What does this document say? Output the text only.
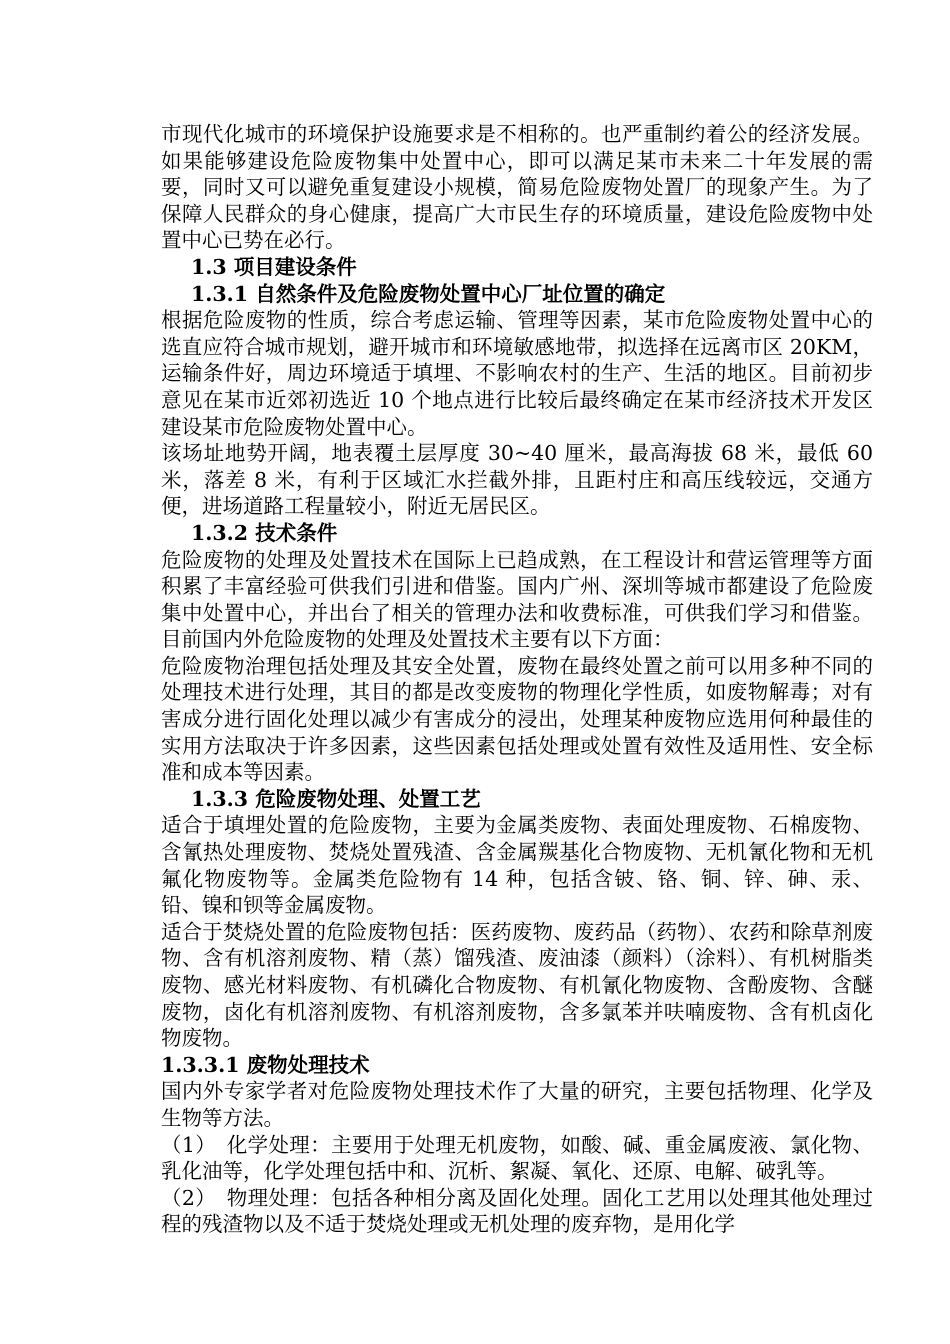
市现代化城市的环境保护设施要求是不相称的。也严重制约着公的经济发展。如果能够建设危险废物集中处置中心，即可以满足某市未来二十年发展的需要，同时又可以避免重复建设小规模，简易危险废物处置厂的现象产生。为了保障人民群众的身心健康，提高广大市民生存的环境质量，建设危险废物中处置中心已势在必行。

1.3 项目建设条件

1.3.1 自然条件及危险废物处置中心厂址位置的确定

根据危险废物的性质，综合考虑运输、管理等因素，某市危险废物处置中心的选直应符合城市规划，避开城市和环境敏感地带，拟选择在远离市区 20KM，运输条件好，周边环境适于填埋、不影响农村的生产、生活的地区。目前初步意见在某市近郊初选近 10 个地点进行比较后最终确定在某市经济技术开发区建设某市危险废物处置中心。

该场址地势开阔，地表覆土层厚度 30~40 厘米，最高海拔 68 米，最低 60 米，落差 8 米，有利于区域汇水拦截外排，且距村庄和高压线较远，交通方便，进场道路工程量较小，附近无居民区。

1.3.2 技术条件

危险废物的处理及处置技术在国际上已趋成熟，在工程设计和营运管理等方面积累了丰富经验可供我们引进和借鉴。国内广州、深圳等城市都建设了危险废集中处置中心，并出台了相关的管理办法和收费标准，可供我们学习和借鉴。目前国内外危险废物的处理及处置技术主要有以下方面：

危险废物治理包括处理及其安全处置，废物在最终处置之前可以用多种不同的处理技术进行处理，其目的都是改变废物的物理化学性质，如废物解毒；对有害成分进行固化处理以减少有害成分的浸出，处理某种废物应选用何种最佳的实用方法取决于许多因素，这些因素包括处理或处置有效性及适用性、安全标准和成本等因素。

1.3.3 危险废物处理、处置工艺

适合于填埋处置的危险废物，主要为金属类废物、表面处理废物、石棉废物、含氰热处理废物、焚烧处置残渣、含金属羰基化合物废物、无机氰化物和无机氟化物废物等。金属类危险物有 14 种，包括含铍、铬、铜、锌、砷、汞、铅、镍和钡等金属废物。

适合于焚烧处置的危险废物包括：医药废物、废药品（药物）、农药和除草剂废物、含有机溶剂废物、精（蒸）馏残渣、废油漆（颜料）（涂料）、有机树脂类废物、感光材料废物、有机磷化合物废物、有机氰化物废物、含酚废物、含醚废物，卤化有机溶剂废物、有机溶剂废物，含多氯苯并呋喃废物、含有机卤化物废物。

1.3.3.1 废物处理技术

国内外专家学者对危险废物处理技术作了大量的研究，主要包括物理、化学及生物等方法。

（1）　化学处理：主要用于处理无机废物，如酸、碱、重金属废液、氯化物、乳化油等，化学处理包括中和、沉析、絮凝、氧化、还原、电解、破乳等。

（2）　物理处理：包括各种相分离及固化处理。固化工艺用以处理其他处理过程的残渣物以及不适于焚烧处理或无机处理的废弃物，是用化学
